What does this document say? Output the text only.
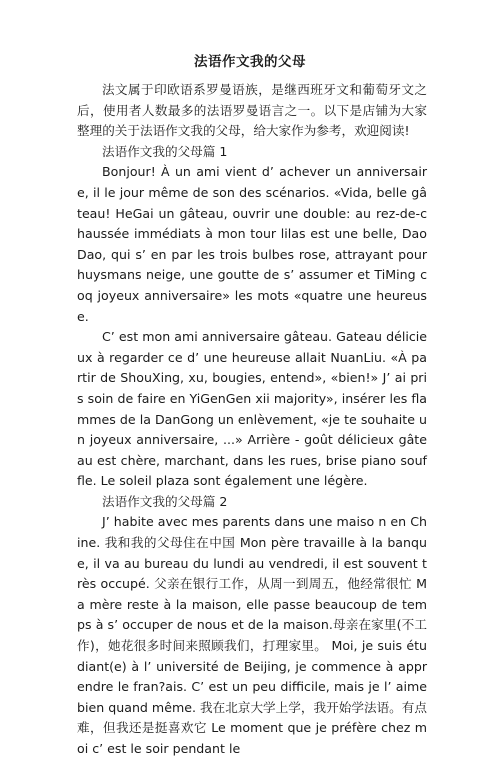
法语作文我的父母

法文属于印欧语系罗曼语族，是继西班牙文和葡萄牙文之后，使用者人数最多的法语罗曼语言之一。以下是店铺为大家整理的关于法语作文我的父母，给大家作为参考，欢迎阅读!

法语作文我的父母篇 1

Bonjour! À un ami vient d’ achever un anniversaire, il le jour même de son des scénarios. «Vida, belle gâteau! HeGai un gâteau, ouvrir une double: au rez-de-chaussée immédiats à mon tour lilas est une belle, DaoDao, qui s’ en par les trois bulbes rose, attrayant pour huysmans neige, une goutte de s’ assumer et TiMing coq joyeux anniversaire» les mots «quatre une heureuse.

C’ est mon ami anniversaire gâteau. Gateau délicieux à regarder ce d’ une heureuse allait NuanLiu. «À partir de ShouXing, xu, bougies, entend», «bien!» J’ ai pris soin de faire en YiGenGen xii majority», insérer les flammes de la DanGong un enlèvement, «je te souhaite un joyeux anniversaire, ...» Arrière - goût délicieux gâteau est chère, marchant, dans les rues, brise piano souffle. Le soleil plaza sont également une légère.

法语作文我的父母篇 2

J’ habite avec mes parents dans une maiso n en Chine. 我和我的父母住在中国 Mon père travaille à la banque, il va au bureau du lundi au vendredi, il est souvent très occupé. 父亲在银行工作，从周一到周五，他经常很忙 Ma mère reste à la maison, elle passe beaucoup de temps à s’ occuper de nous et de la maison.母亲在家里(不工作)，她花很多时间来照顾我们，打理家里。 Moi, je suis étudiant(e) à l’ université de Beijing, je commence à apprendre le fran?ais. C’ est un peu difficile, mais je l’ aime bien quand même. 我在北京大学上学，我开始学法语。有点难，但我还是挺喜欢它 Le moment que je préfère chez moi c’ est le soir pendant le
